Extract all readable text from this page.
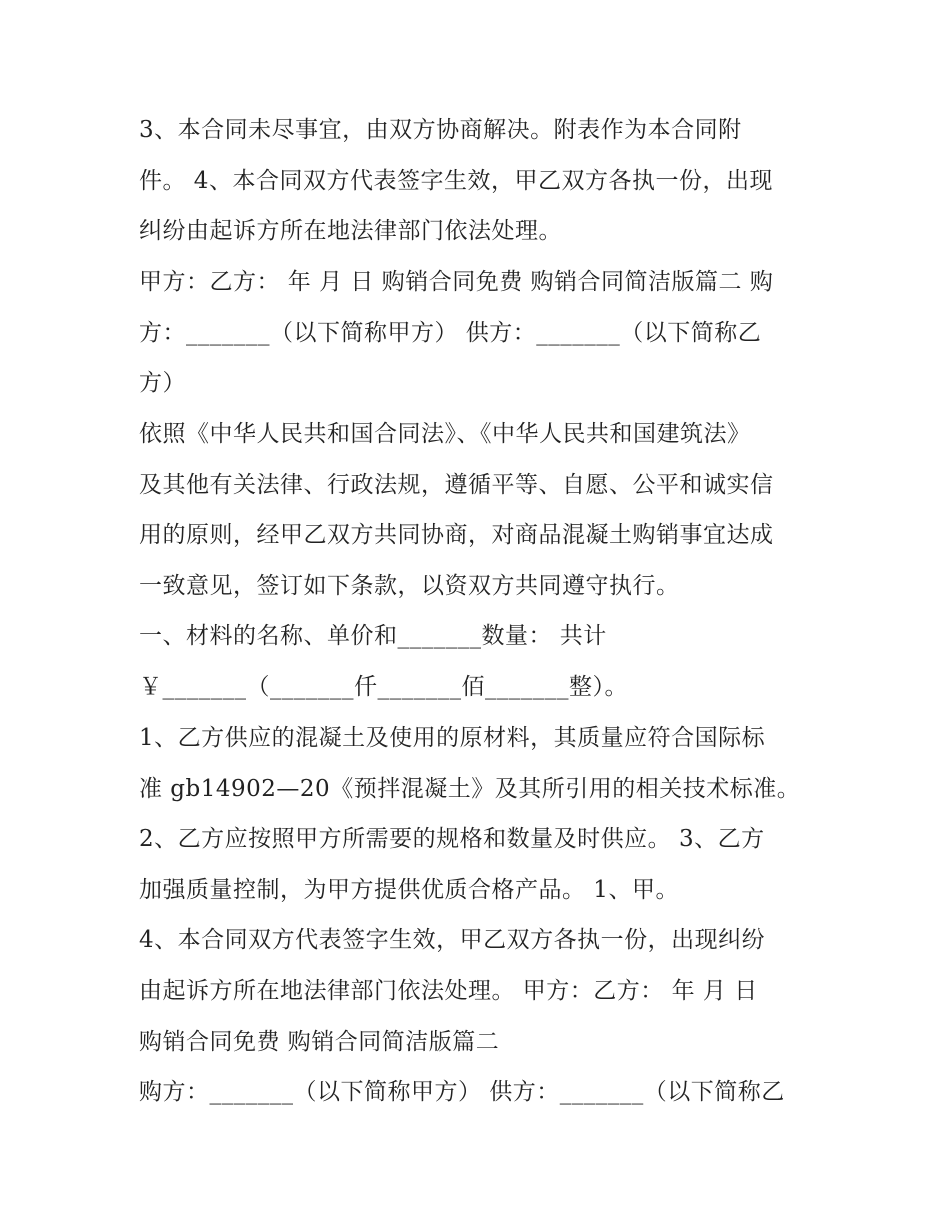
3、本合同未尽事宜，由双方协商解决。附表作为本合同附
件。 4、本合同双方代表签字生效，甲乙双方各执一份，出现
纠纷由起诉方所在地法律部门依法处理。
甲方：乙方： 年 月 日 购销合同免费 购销合同简洁版篇二 购
方：_______（以下简称甲方） 供方：_______（以下简称乙
方）
依照《中华人民共和国合同法》、《中华人民共和国建筑法》
及其他有关法律、行政法规，遵循平等、自愿、公平和诚实信
用的原则，经甲乙双方共同协商，对商品混凝土购销事宜达成
一致意见，签订如下条款，以资双方共同遵守执行。
一、材料的名称、单价和_______数量： 共计
￥_______（_______仟_______佰_______整）。
1、乙方供应的混凝土及使用的原材料，其质量应符合国际标
准 gb14902—20《预拌混凝土》及其所引用的相关技术标准。
2、乙方应按照甲方所需要的规格和数量及时供应。 3、乙方
加强质量控制，为甲方提供优质合格产品。 1、甲。
4、本合同双方代表签字生效，甲乙双方各执一份，出现纠纷
由起诉方所在地法律部门依法处理。 甲方：乙方： 年 月 日
购销合同免费 购销合同简洁版篇二
购方：_______（以下简称甲方） 供方：_______（以下简称乙
